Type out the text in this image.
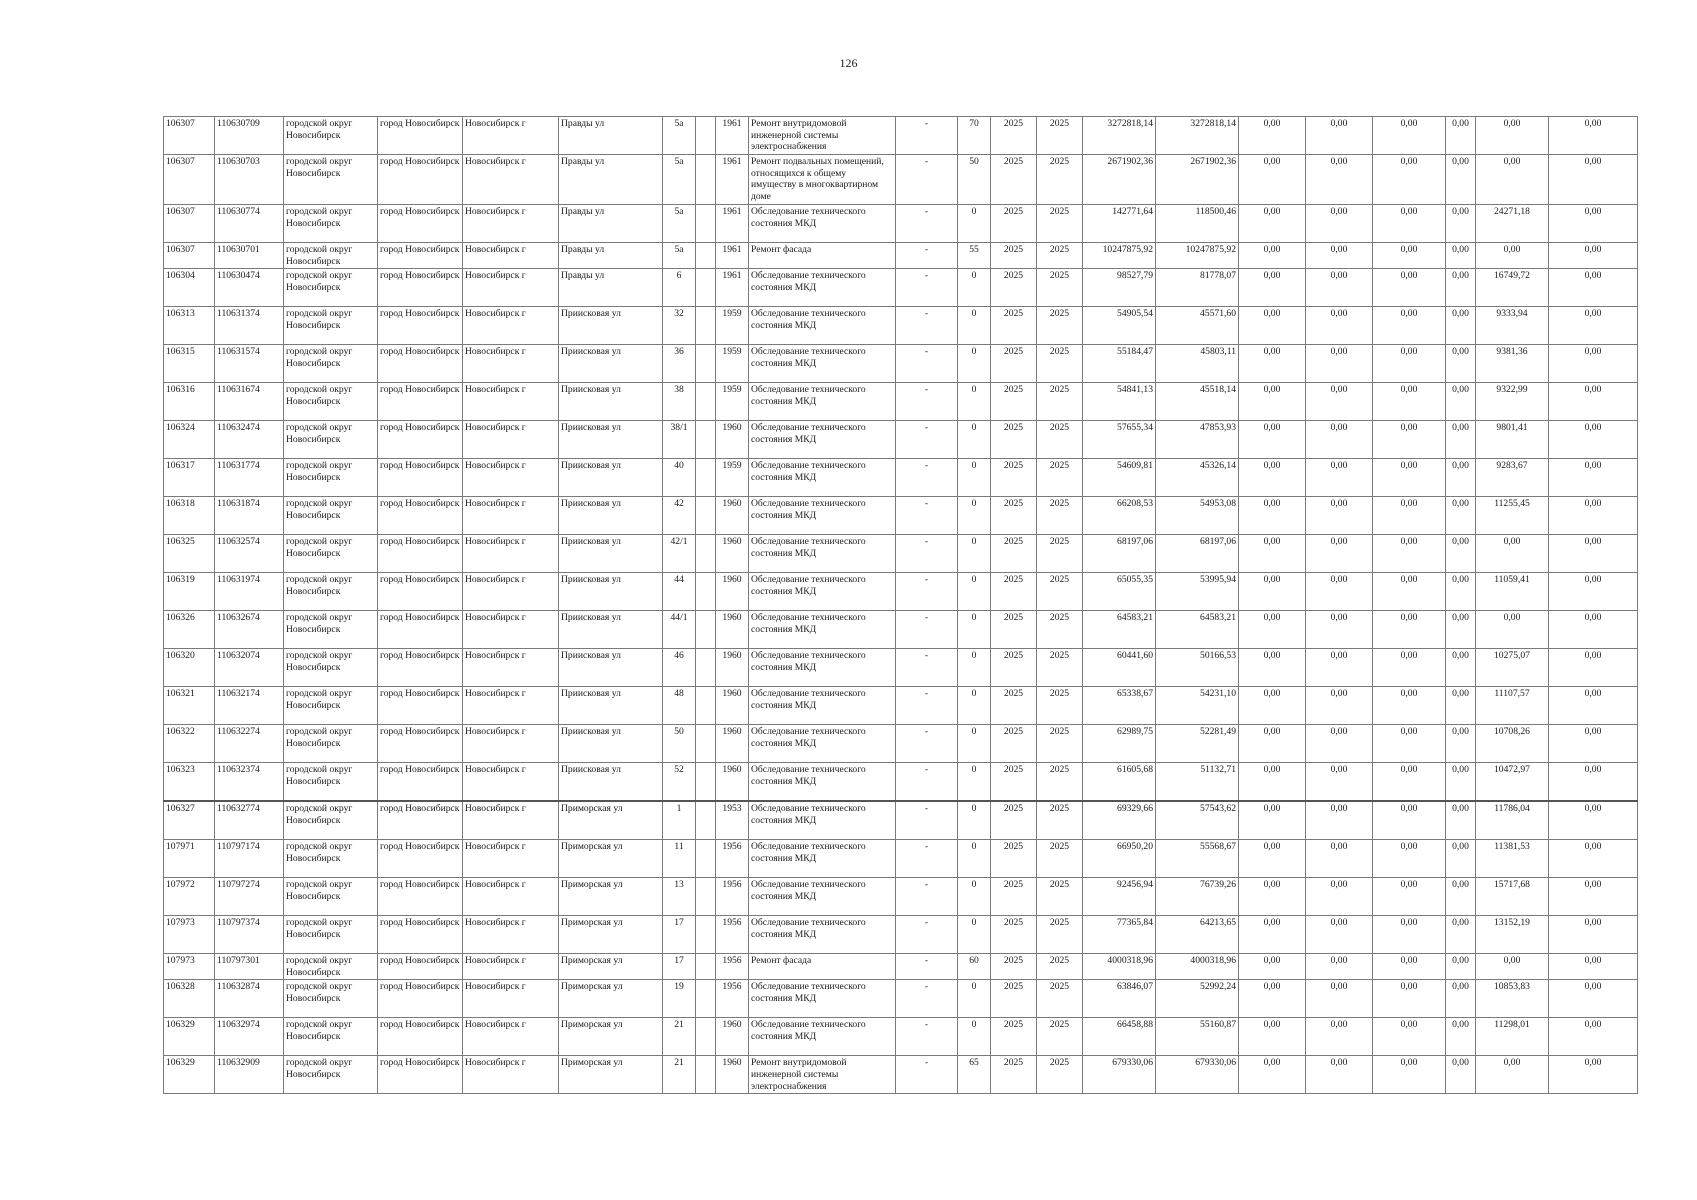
126
106307	110630709	городской округ Новосибирск	город Новосибирск	Новосибирск г	Правды ул	5а		1961	Ремонт внутридомовой инженерной системы электроснабжения	-	70	2025	2025	3272818,14	3272818,14	0,00	0,00	0,00	0,00	0,00	0,00
106307	110630703	городской округ Новосибирск	город Новосибирск	Новосибирск г	Правды ул	5а		1961	Ремонт подвальных помещений, относящихся к общему имуществу в многоквартирном доме	-	50	2025	2025	2671902,36	2671902,36	0,00	0,00	0,00	0,00	0,00	0,00
106307	110630774	городской округ Новосибирск	город Новосибирск	Новосибирск г	Правды ул	5а		1961	Обследование технического состояния МКД	-	0	2025	2025	142771,64	118500,46	0,00	0,00	0,00	0,00	24271,18	0,00
106307	110630701	городской округ Новосибирск	город Новосибирск	Новосибирск г	Правды ул	5а		1961	Ремонт фасада	-	55	2025	2025	10247875,92	10247875,92	0,00	0,00	0,00	0,00	0,00	0,00
106304	110630474	городской округ Новосибирск	город Новосибирск	Новосибирск г	Правды ул	6		1961	Обследование технического состояния МКД	-	0	2025	2025	98527,79	81778,07	0,00	0,00	0,00	0,00	16749,72	0,00
106313	110631374	городской округ Новосибирск	город Новосибирск	Новосибирск г	Приисковая ул	32		1959	Обследование технического состояния МКД	-	0	2025	2025	54905,54	45571,60	0,00	0,00	0,00	0,00	9333,94	0,00
106315	110631574	городской округ Новосибирск	город Новосибирск	Новосибирск г	Приисковая ул	36		1959	Обследование технического состояния МКД	-	0	2025	2025	55184,47	45803,11	0,00	0,00	0,00	0,00	9381,36	0,00
106316	110631674	городской округ Новосибирск	город Новосибирск	Новосибирск г	Приисковая ул	38		1959	Обследование технического состояния МКД	-	0	2025	2025	54841,13	45518,14	0,00	0,00	0,00	0,00	9322,99	0,00
106324	110632474	городской округ Новосибирск	город Новосибирск	Новосибирск г	Приисковая ул	38/1		1960	Обследование технического состояния МКД	-	0	2025	2025	57655,34	47853,93	0,00	0,00	0,00	0,00	9801,41	0,00
106317	110631774	городской округ Новосибирск	город Новосибирск	Новосибирск г	Приисковая ул	40		1959	Обследование технического состояния МКД	-	0	2025	2025	54609,81	45326,14	0,00	0,00	0,00	0,00	9283,67	0,00
106318	110631874	городской округ Новосибирск	город Новосибирск	Новосибирск г	Приисковая ул	42		1960	Обследование технического состояния МКД	-	0	2025	2025	66208,53	54953,08	0,00	0,00	0,00	0,00	11255,45	0,00
106325	110632574	городской округ Новосибирск	город Новосибирск	Новосибирск г	Приисковая ул	42/1		1960	Обследование технического состояния МКД	-	0	2025	2025	68197,06	68197,06	0,00	0,00	0,00	0,00	0,00	0,00
106319	110631974	городской округ Новосибирск	город Новосибирск	Новосибирск г	Приисковая ул	44		1960	Обследование технического состояния МКД	-	0	2025	2025	65055,35	53995,94	0,00	0,00	0,00	0,00	11059,41	0,00
106326	110632674	городской округ Новосибирск	город Новосибирск	Новосибирск г	Приисковая ул	44/1		1960	Обследование технического состояния МКД	-	0	2025	2025	64583,21	64583,21	0,00	0,00	0,00	0,00	0,00	0,00
106320	110632074	городской округ Новосибирск	город Новосибирск	Новосибирск г	Приисковая ул	46		1960	Обследование технического состояния МКД	-	0	2025	2025	60441,60	50166,53	0,00	0,00	0,00	0,00	10275,07	0,00
106321	110632174	городской округ Новосибирск	город Новосибирск	Новосибирск г	Приисковая ул	48		1960	Обследование технического состояния МКД	-	0	2025	2025	65338,67	54231,10	0,00	0,00	0,00	0,00	11107,57	0,00
106322	110632274	городской округ Новосибирск	город Новосибирск	Новосибирск г	Приисковая ул	50		1960	Обследование технического состояния МКД	-	0	2025	2025	62989,75	52281,49	0,00	0,00	0,00	0,00	10708,26	0,00
106323	110632374	городской округ Новосибирск	город Новосибирск	Новосибирск г	Приисковая ул	52		1960	Обследование технического состояния МКД	-	0	2025	2025	61605,68	51132,71	0,00	0,00	0,00	0,00	10472,97	0,00
106327	110632774	городской округ Новосибирск	город Новосибирск	Новосибирск г	Приморская ул	1		1953	Обследование технического состояния МКД	-	0	2025	2025	69329,66	57543,62	0,00	0,00	0,00	0,00	11786,04	0,00
107971	110797174	городской округ Новосибирск	город Новосибирск	Новосибирск г	Приморская ул	11		1956	Обследование технического состояния МКД	-	0	2025	2025	66950,20	55568,67	0,00	0,00	0,00	0,00	11381,53	0,00
107972	110797274	городской округ Новосибирск	город Новосибирск	Новосибирск г	Приморская ул	13		1956	Обследование технического состояния МКД	-	0	2025	2025	92456,94	76739,26	0,00	0,00	0,00	0,00	15717,68	0,00
107973	110797374	городской округ Новосибирск	город Новосибирск	Новосибирск г	Приморская ул	17		1956	Обследование технического состояния МКД	-	0	2025	2025	77365,84	64213,65	0,00	0,00	0,00	0,00	13152,19	0,00
107973	110797301	городской округ Новосибирск	город Новосибирск	Новосибирск г	Приморская ул	17		1956	Ремонт фасада	-	60	2025	2025	4000318,96	4000318,96	0,00	0,00	0,00	0,00	0,00	0,00
106328	110632874	городской округ Новосибирск	город Новосибирск	Новосибирск г	Приморская ул	19		1956	Обследование технического состояния МКД	-	0	2025	2025	63846,07	52992,24	0,00	0,00	0,00	0,00	10853,83	0,00
106329	110632974	городской округ Новосибирск	город Новосибирск	Новосибирск г	Приморская ул	21		1960	Обследование технического состояния МКД	-	0	2025	2025	66458,88	55160,87	0,00	0,00	0,00	0,00	11298,01	0,00
106329	110632909	городской округ Новосибирск	город Новосибирск	Новосибирск г	Приморская ул	21		1960	Ремонт внутридомовой инженерной системы электроснабжения	-	65	2025	2025	679330,06	679330,06	0,00	0,00	0,00	0,00	0,00	0,00
